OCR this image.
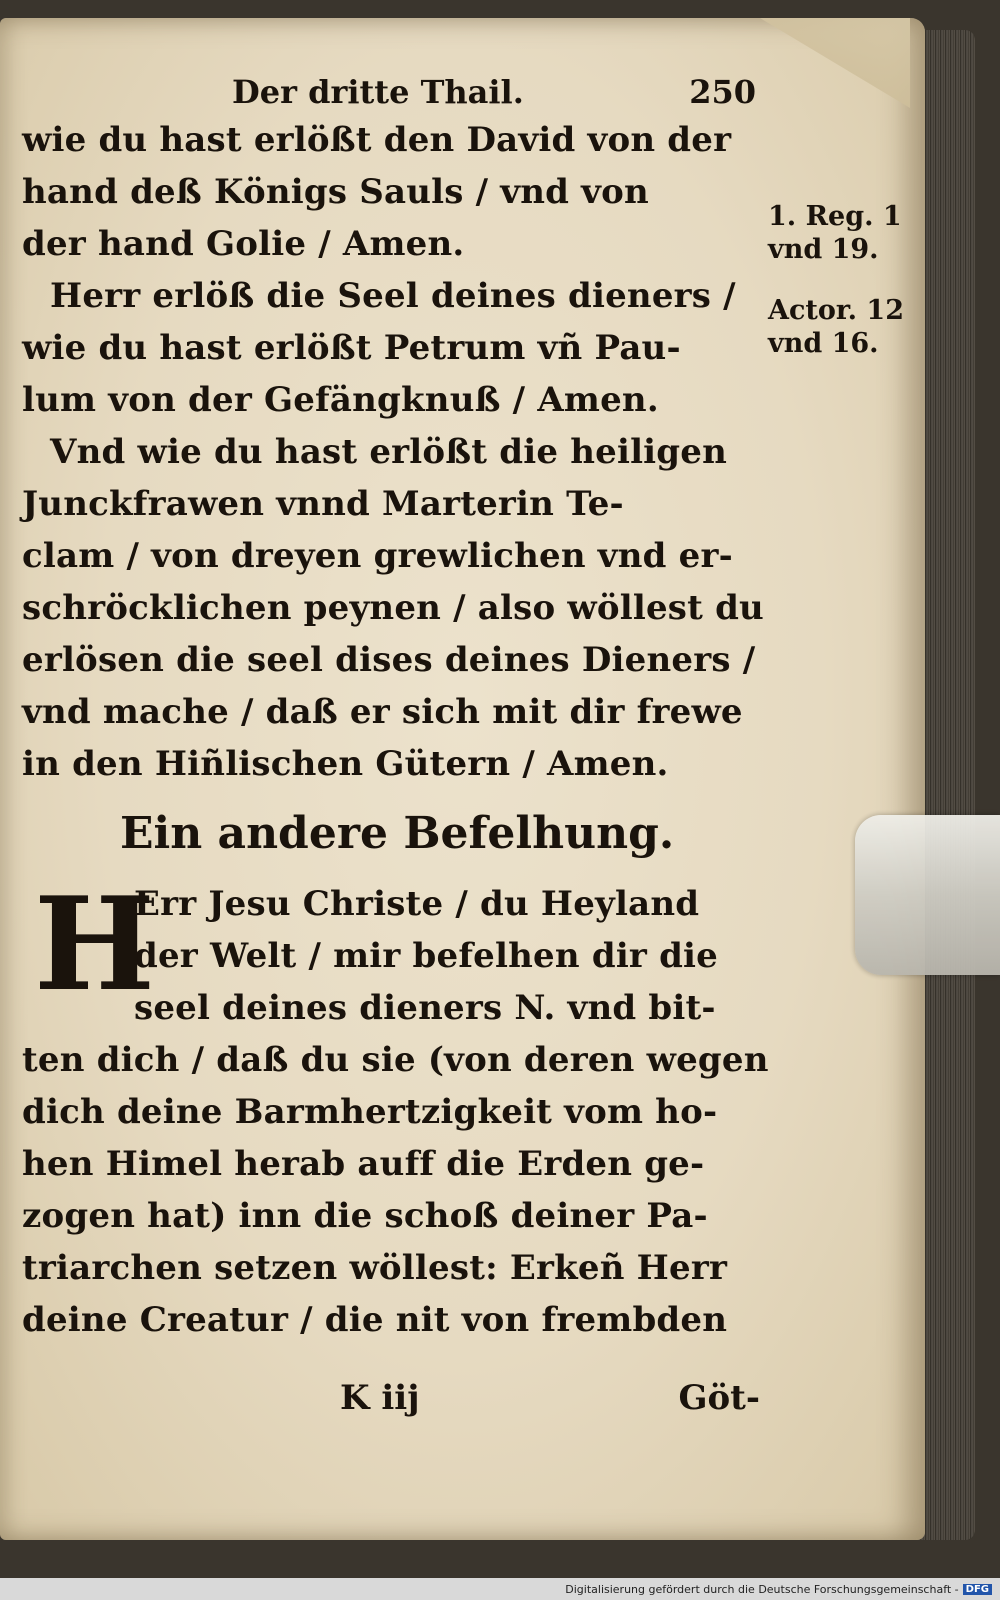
Der dritte Thail.	250
wie du hast erlößt den David von der
hand deß Königs Sauls / vnd von
der hand Golie / Amen.
Herr erlöß die Seel deines dieners /
wie du hast erlößt Petrum vñ Pau-
lum von der Gefängknuß / Amen.
Vnd wie du hast erlößt die heiligen
Junckfrawen vnnd Marterin Te-
clam / von dreyen grewlichen vnd er-
schröcklichen peynen / also wöllest du
erlösen die seel dises deines Dieners /
vnd mache / daß er sich mit dir frewe
in den Hiñlischen Gütern / Amen.
Ein andere Befelhung.
H
Err Jesu Christe / du Heyland
der Welt / mir befelhen dir die
seel deines dieners N. vnd bit-
ten dich / daß du sie (von deren wegen
dich deine Barmhertzigkeit vom ho-
hen Himel herab auff die Erden ge-
zogen hat) inn die schoß deiner Pa-
triarchen setzen wöllest: Erkeñ Herr
deine Creatur / die nit von frembden
1. Reg. 1
vnd 19.
Actor. 12
vnd 16.
K iij	Göt-
Digitalisierung gefördert durch die Deutsche Forschungsgemeinschaft - DFG
